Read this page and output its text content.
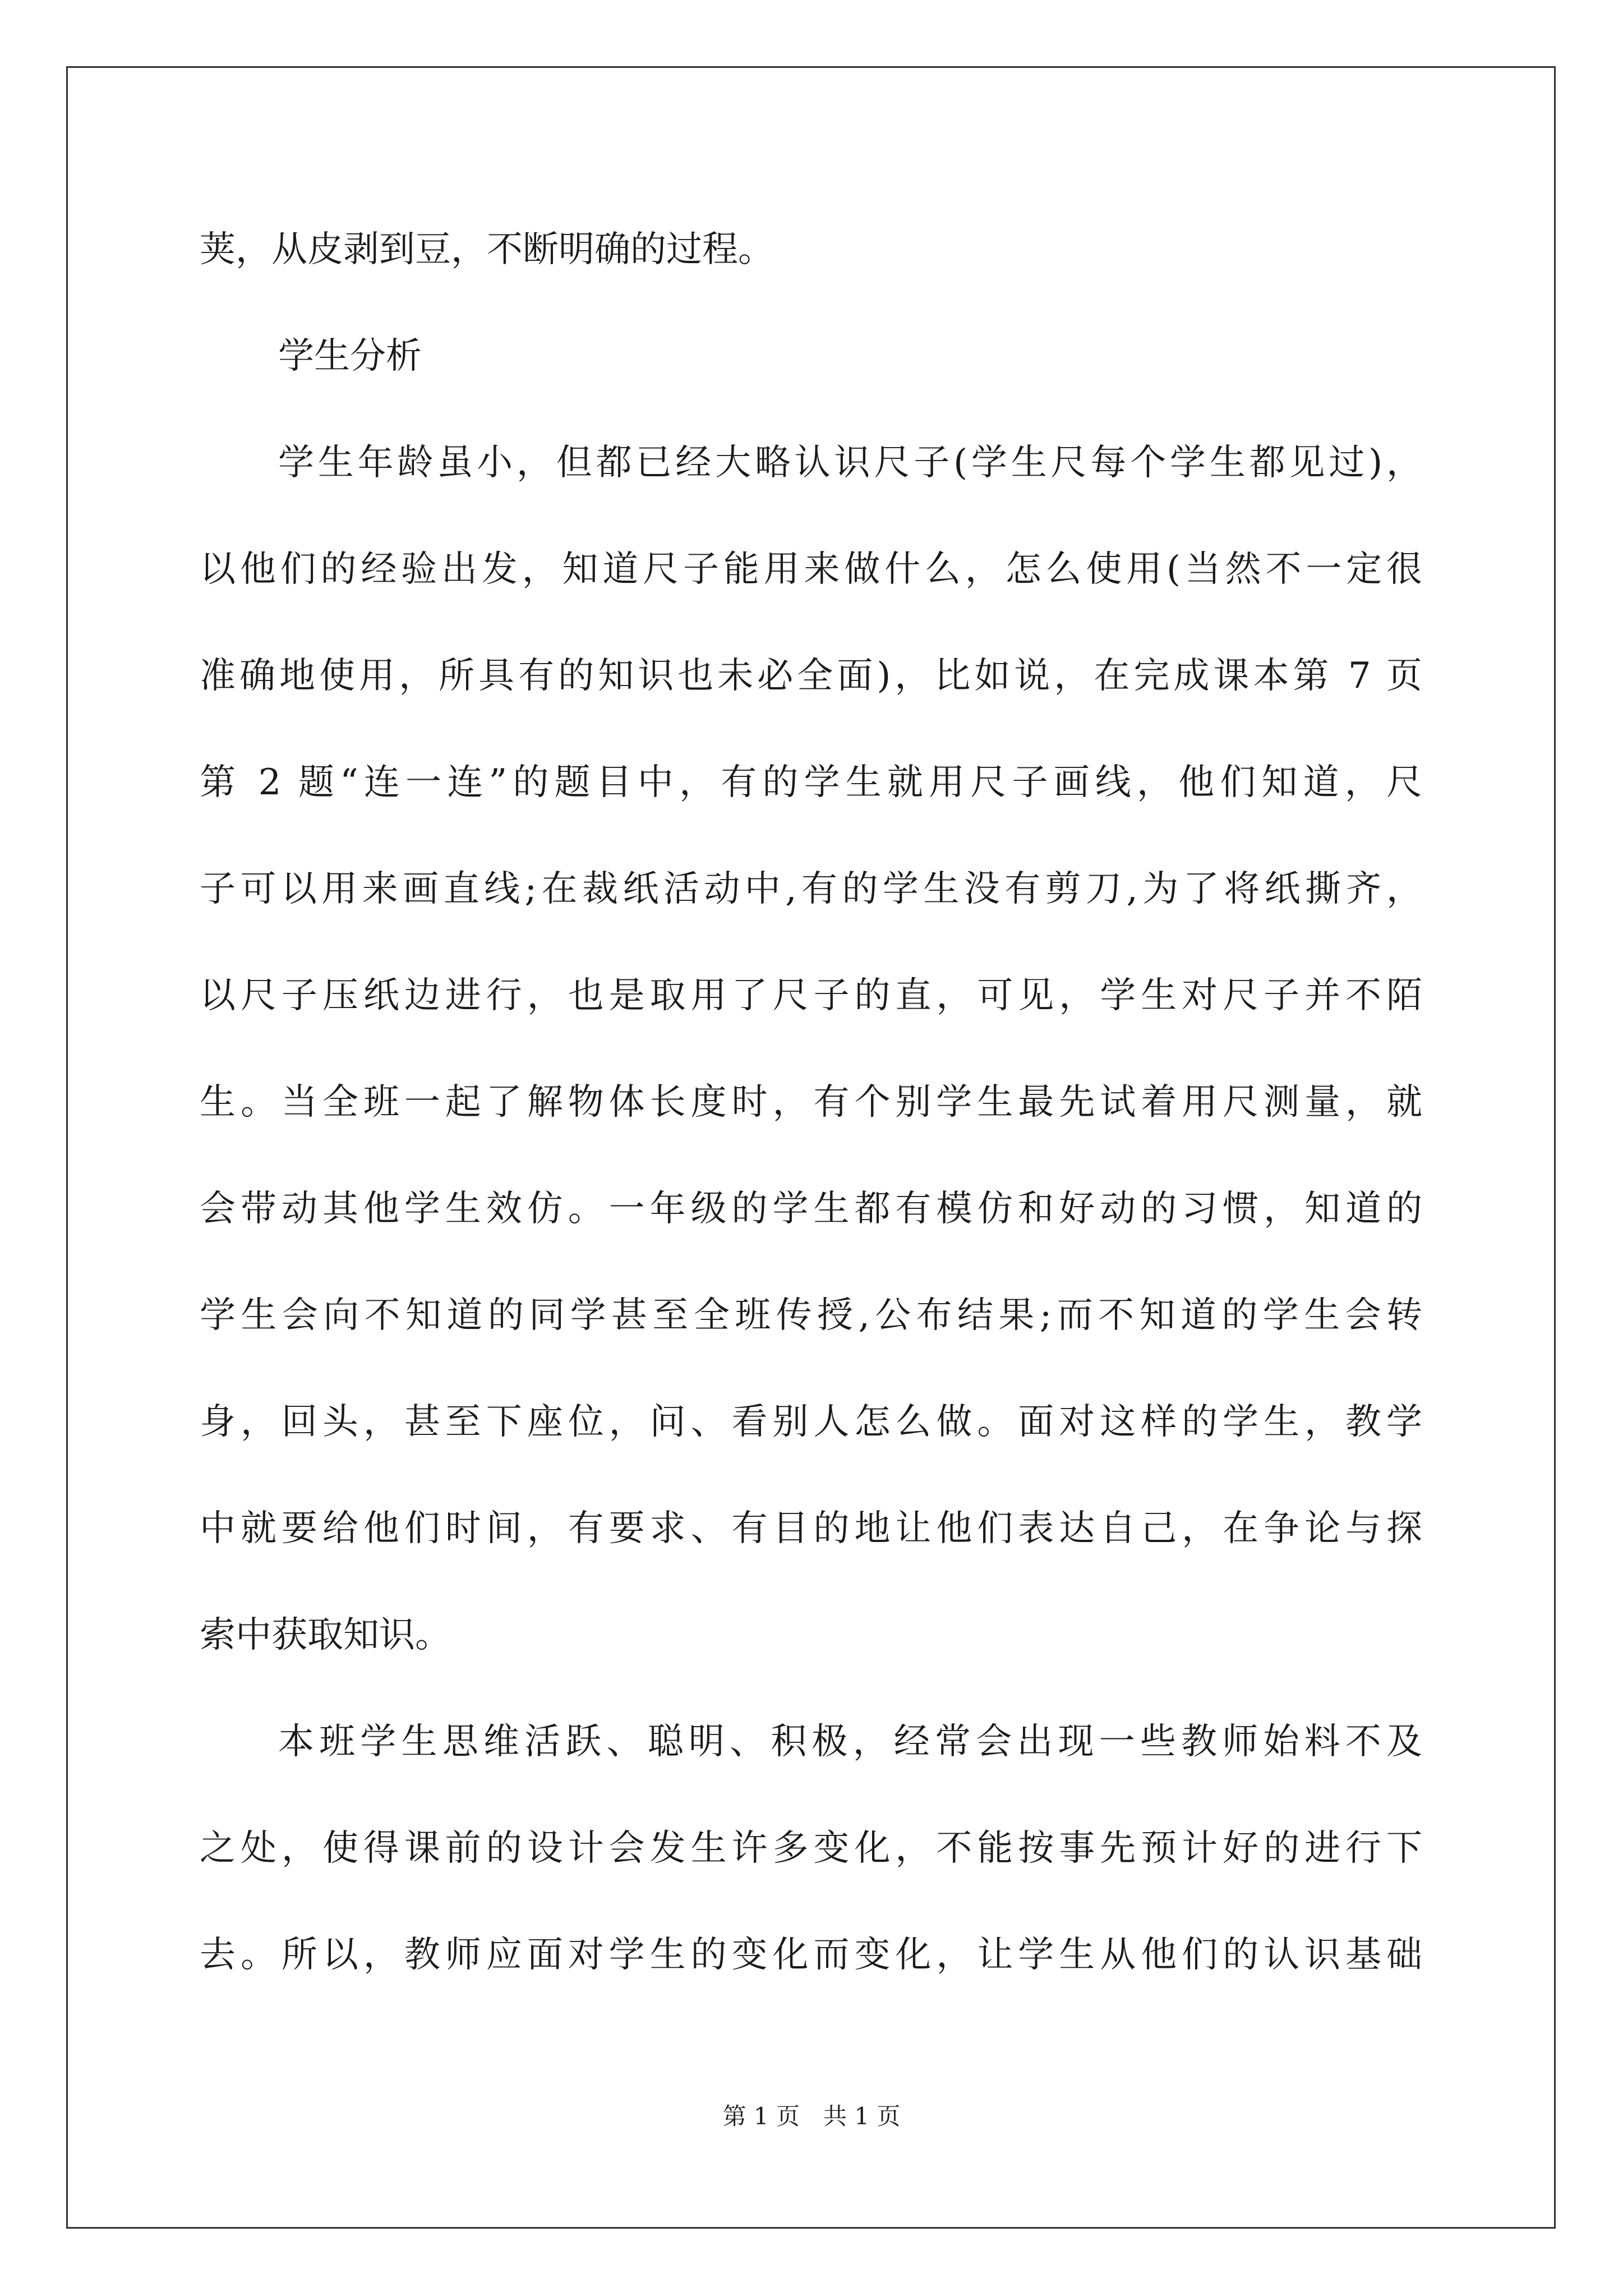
荚，从皮剥到豆，不断明确的过程。
学生分析
学生年龄虽小，但都已经大略认识尺子(学生尺每个学生都见过)，
以他们的经验出发，知道尺子能用来做什么，怎么使用(当然不一定很
准确地使用，所具有的知识也未必全面)，比如说，在完成课本第 7 页
第 2 题“连一连”的题目中，有的学生就用尺子画线，他们知道，尺
子可以用来画直线;在裁纸活动中,有的学生没有剪刀,为了将纸撕齐，
以尺子压纸边进行，也是取用了尺子的直，可见，学生对尺子并不陌
生。当全班一起了解物体长度时，有个别学生最先试着用尺测量，就
会带动其他学生效仿。一年级的学生都有模仿和好动的习惯，知道的
学生会向不知道的同学甚至全班传授,公布结果;而不知道的学生会转
身，回头，甚至下座位，问、看别人怎么做。面对这样的学生，教学
中就要给他们时间，有要求、有目的地让他们表达自己，在争论与探
索中获取知识。
本班学生思维活跃、聪明、积极，经常会出现一些教师始料不及
之处，使得课前的设计会发生许多变化，不能按事先预计好的进行下
去。所以，教师应面对学生的变化而变化，让学生从他们的认识基础
第 1 页　共 1 页
